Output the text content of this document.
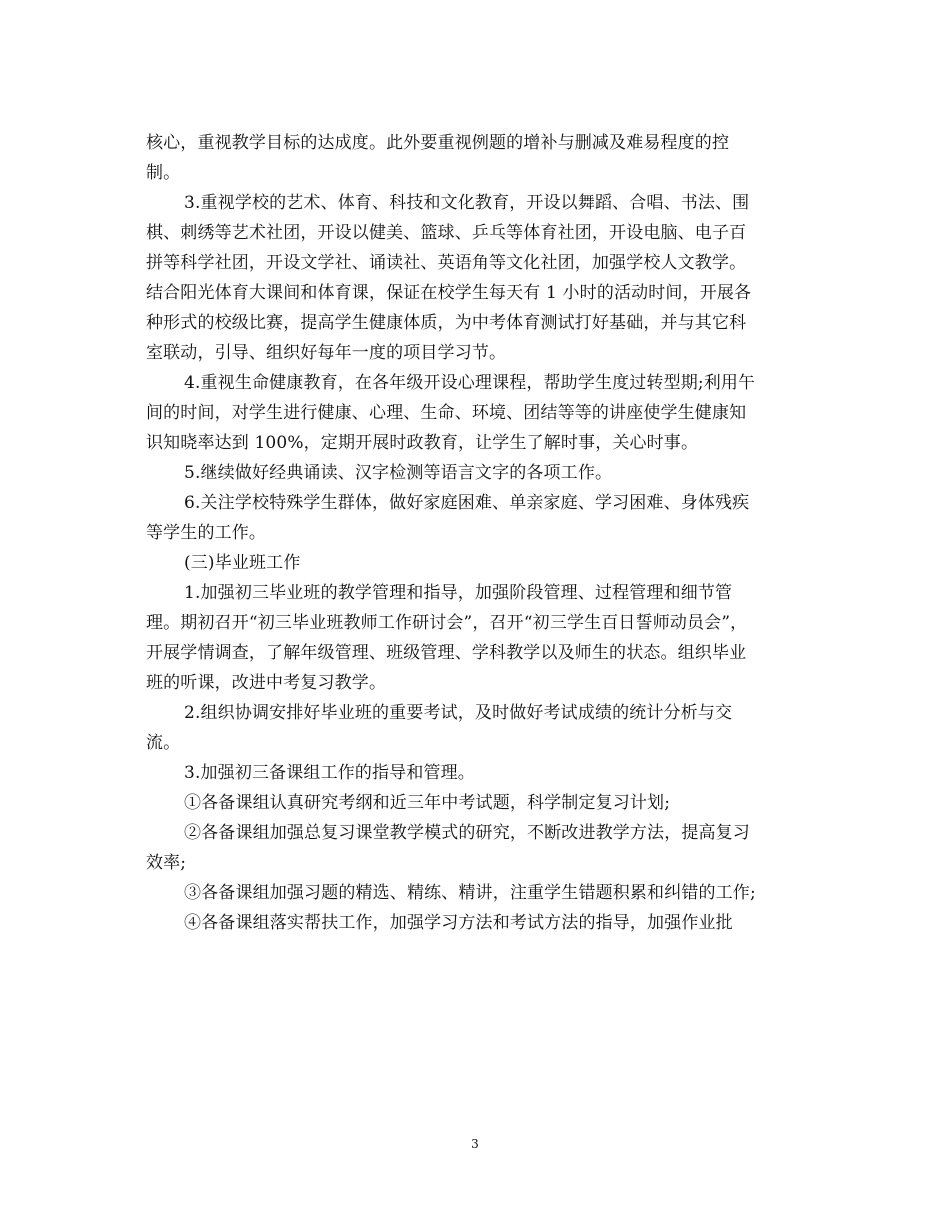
核心，重视教学目标的达成度。此外要重视例题的增补与删减及难易程度的控
制。

3.重视学校的艺术、体育、科技和文化教育，开设以舞蹈、合唱、书法、围
棋、刺绣等艺术社团，开设以健美、篮球、乒乓等体育社团，开设电脑、电子百
拼等科学社团，开设文学社、诵读社、英语角等文化社团，加强学校人文教学。
结合阳光体育大课间和体育课，保证在校学生每天有 1 小时的活动时间，开展各
种形式的校级比赛，提高学生健康体质，为中考体育测试打好基础，并与其它科
室联动，引导、组织好每年一度的项目学习节。

4.重视生命健康教育，在各年级开设心理课程，帮助学生度过转型期;利用午
间的时间，对学生进行健康、心理、生命、环境、团结等等的讲座使学生健康知
识知晓率达到 100%，定期开展时政教育，让学生了解时事，关心时事。

5.继续做好经典诵读、汉字检测等语言文字的各项工作。

6.关注学校特殊学生群体，做好家庭困难、单亲家庭、学习困难、身体残疾
等学生的工作。

(三)毕业班工作

1.加强初三毕业班的教学管理和指导，加强阶段管理、过程管理和细节管
理。期初召开“初三毕业班教师工作研讨会”，召开“初三学生百日誓师动员会”，
开展学情调查，了解年级管理、班级管理、学科教学以及师生的状态。组织毕业
班的听课，改进中考复习教学。

2.组织协调安排好毕业班的重要考试，及时做好考试成绩的统计分析与交
流。

3.加强初三备课组工作的指导和管理。

①各备课组认真研究考纲和近三年中考试题，科学制定复习计划;

②各备课组加强总复习课堂教学模式的研究，不断改进教学方法，提高复习
效率;

③各备课组加强习题的精选、精练、精讲，注重学生错题积累和纠错的工作;

④各备课组落实帮扶工作，加强学习方法和考试方法的指导，加强作业批

3
